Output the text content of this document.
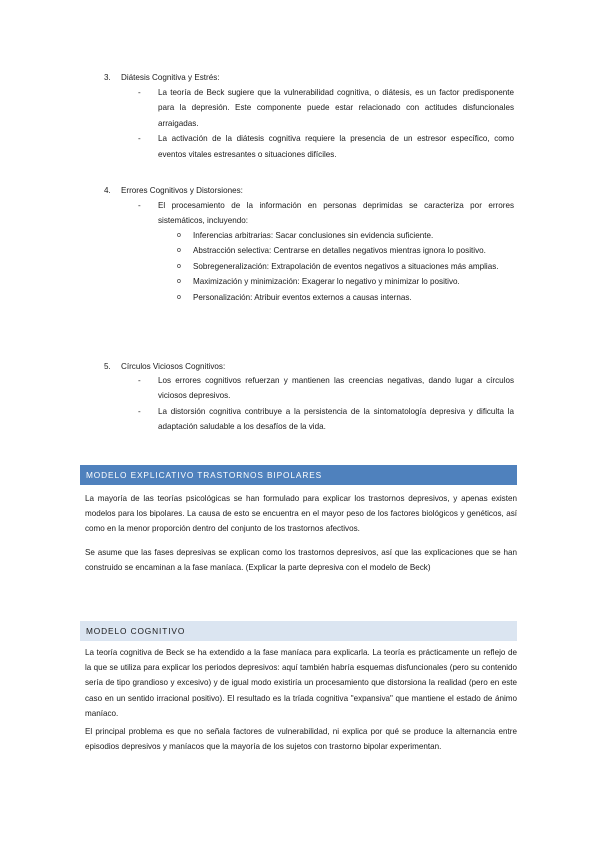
3. Diátesis Cognitiva y Estrés:
- La teoría de Beck sugiere que la vulnerabilidad cognitiva, o diátesis, es un factor predisponente para la depresión. Este componente puede estar relacionado con actitudes disfuncionales arraigadas.

- La activación de la diátesis cognitiva requiere la presencia de un estresor específico, como eventos vitales estresantes o situaciones difíciles.

4. Errores Cognitivos y Distorsiones:
- El procesamiento de la información en personas deprimidas se caracteriza por errores sistemáticos, incluyendo:

o Inferencias arbitrarias: Sacar conclusiones sin evidencia suficiente.

o Abstracción selectiva: Centrarse en detalles negativos mientras ignora lo positivo.

o Sobregeneralización: Extrapolación de eventos negativos a situaciones más amplias.

o Maximización y minimización: Exagerar lo negativo y minimizar lo positivo.

o Personalización: Atribuir eventos externos a causas internas.

5. Círculos Viciosos Cognitivos:
- Los errores cognitivos refuerzan y mantienen las creencias negativas, dando lugar a círculos viciosos depresivos.

- La distorsión cognitiva contribuye a la persistencia de la sintomatología depresiva y dificulta la adaptación saludable a los desafíos de la vida.

MODELO EXPLICATIVO TRASTORNOS BIPOLARES

La mayoría de las teorías psicológicas se han formulado para explicar los trastornos depresivos, y apenas existen modelos para los bipolares. La causa de esto se encuentra en el mayor peso de los factores biológicos y genéticos, así como en la menor proporción dentro del conjunto de los trastornos afectivos.

Se asume que las fases depresivas se explican como los trastornos depresivos, así que las explicaciones que se han construido se encaminan a la fase maníaca. (Explicar la parte depresiva con el modelo de Beck)

MODELO COGNITIVO

La teoría cognitiva de Beck se ha extendido a la fase maníaca para explicarla. La teoría es prácticamente un reflejo de la que se utiliza para explicar los periodos depresivos: aquí también habría esquemas disfuncionales (pero su contenido sería de tipo grandioso y excesivo) y de igual modo existiría un procesamiento que distorsiona la realidad (pero en este caso en un sentido irracional positivo). El resultado es la tríada cognitiva "expansiva" que mantiene el estado de ánimo maníaco.

El principal problema es que no señala factores de vulnerabilidad, ni explica por qué se produce la alternancia entre episodios depresivos y maníacos que la mayoría de los sujetos con trastorno bipolar experimentan.
